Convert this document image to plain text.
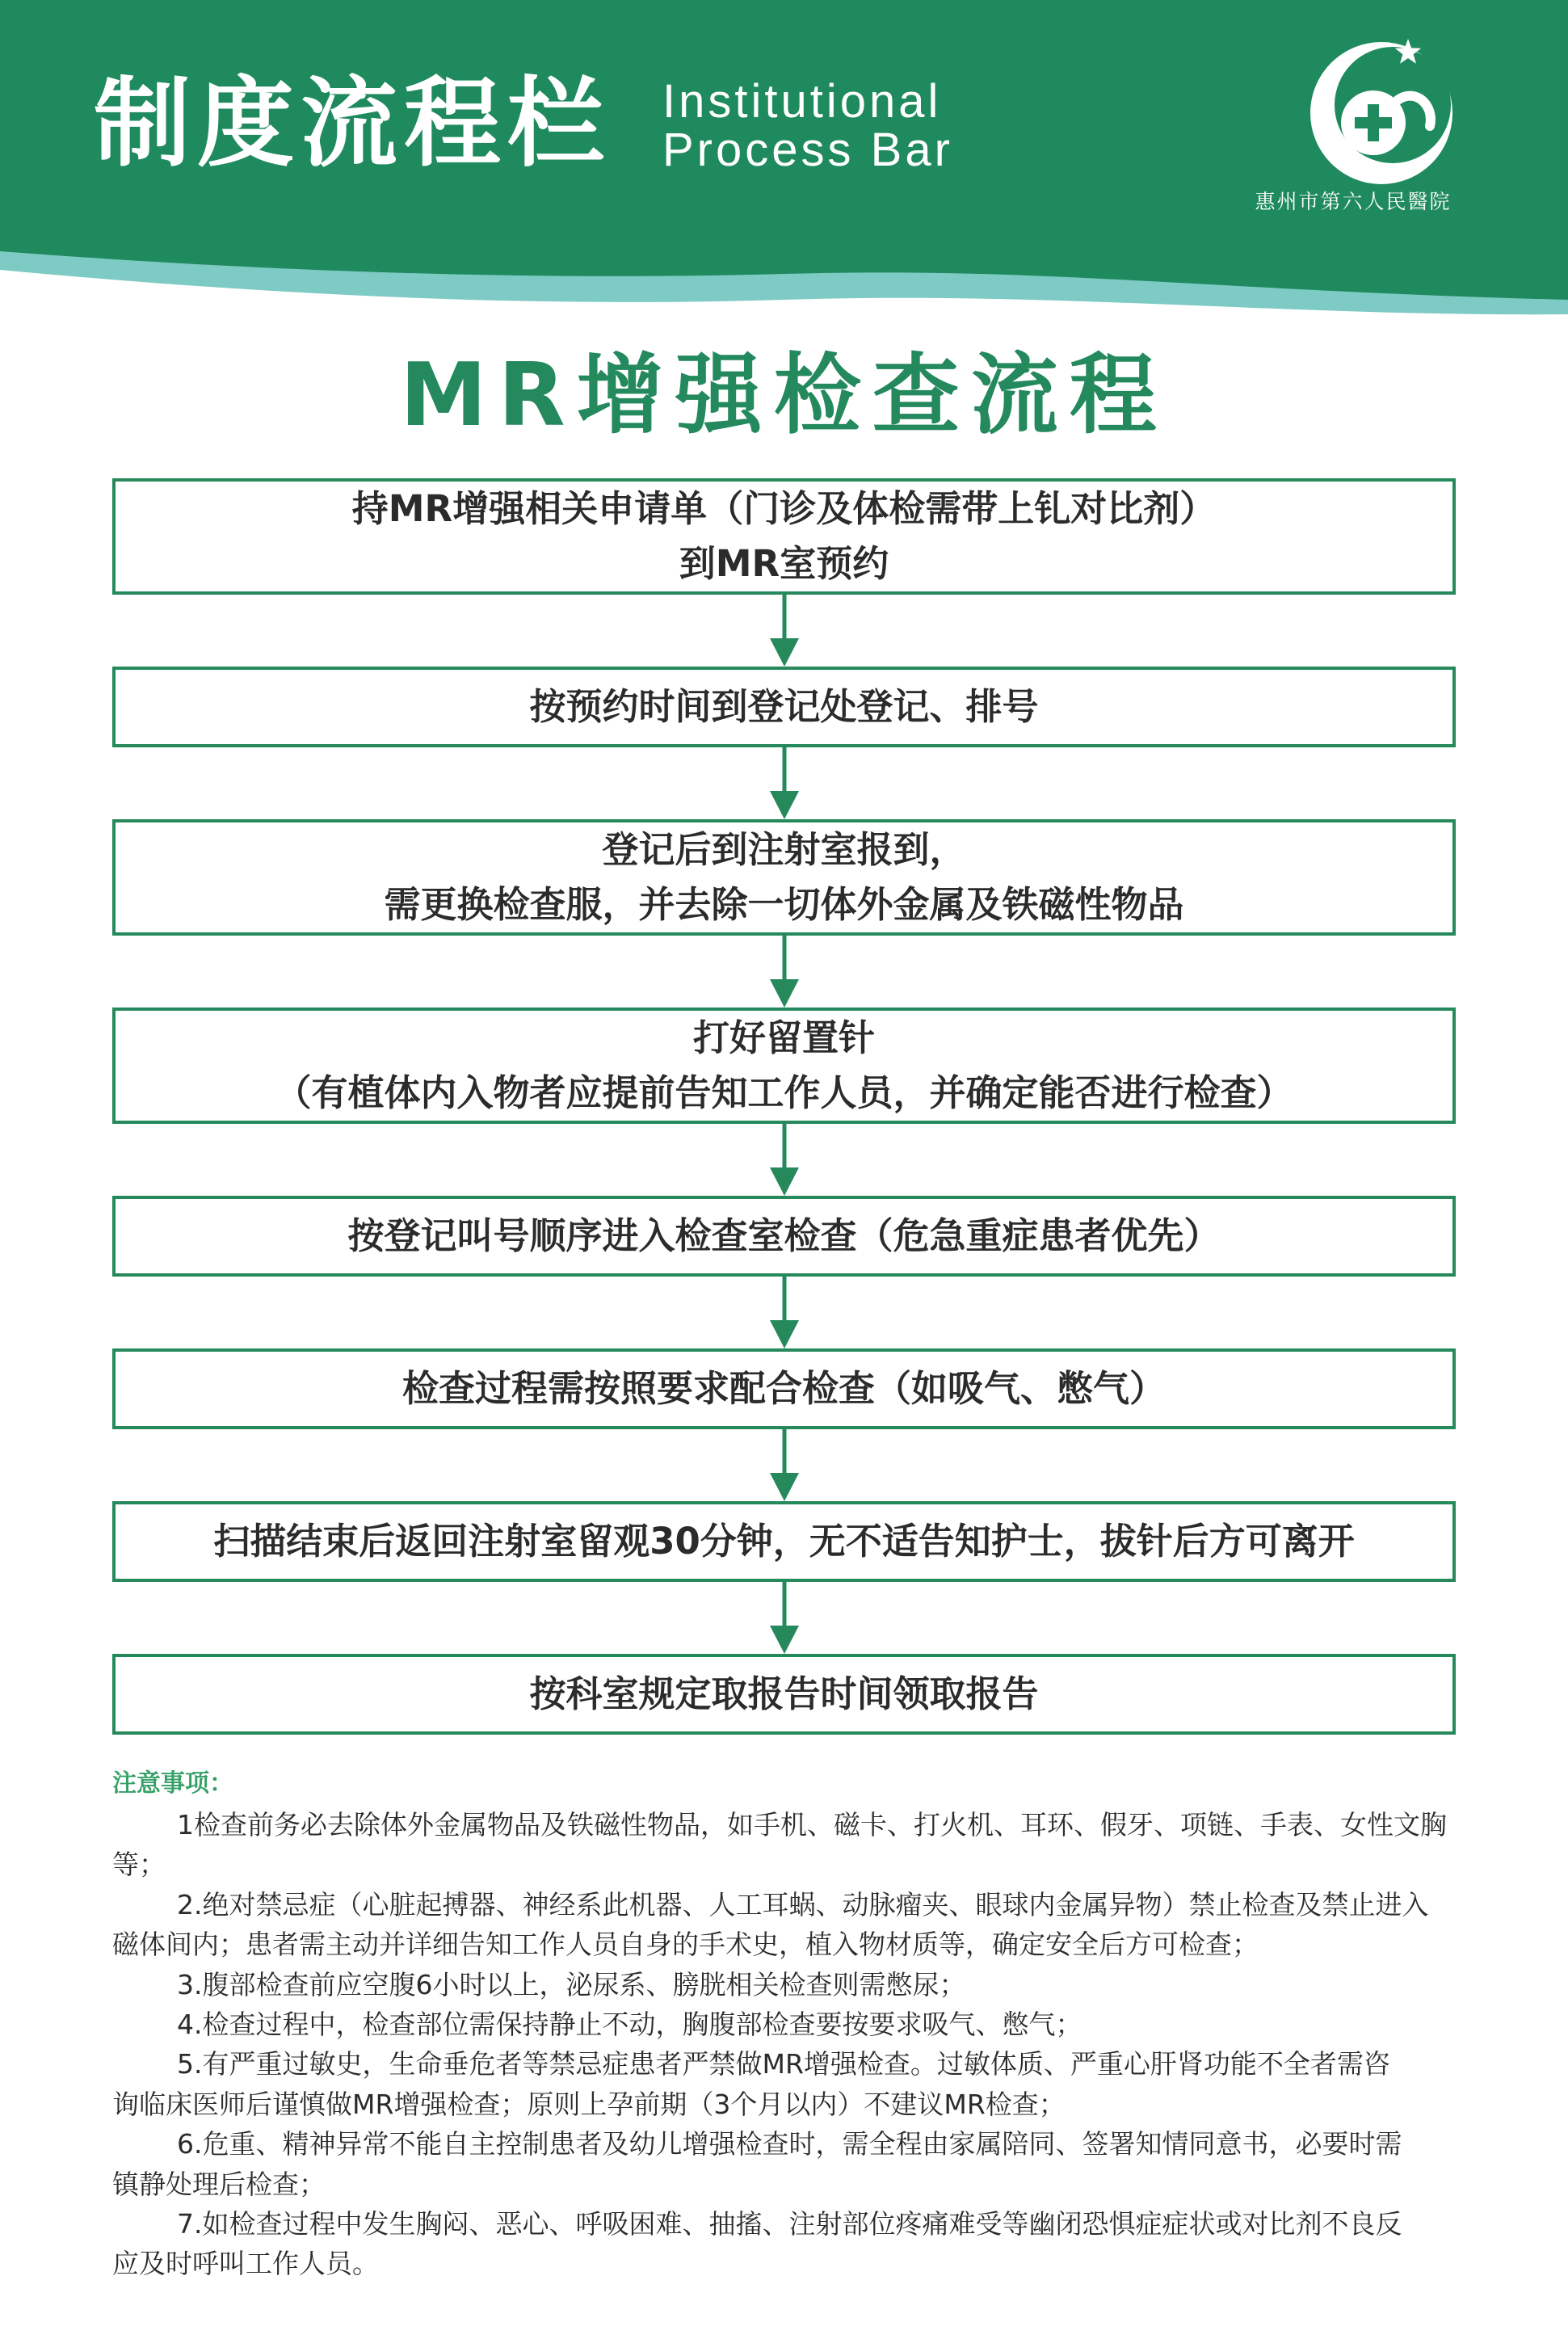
制度流程栏 Institutional
Process Bar
惠州市第六人民醫院
MR增强检查流程
持MR增强相关申请单（门诊及体检需带上钆对比剂）
到MR室预约
按预约时间到登记处登记、排号
登记后到注射室报到，
需更换检查服，并去除一切体外金属及铁磁性物品
打好留置针
（有植体内入物者应提前告知工作人员，并确定能否进行检查）
按登记叫号顺序进入检查室检查（危急重症患者优先）
检查过程需按照要求配合检查（如吸气、憋气）
扫描结束后返回注射室留观30分钟，无不适告知护士，拔针后方可离开
按科室规定取报告时间领取报告
注意事项：
1检查前务必去除体外金属物品及铁磁性物品，如手机、磁卡、打火机、耳环、假牙、项链、手表、女性文胸
等；
2.绝对禁忌症（心脏起搏器、神经系此机器、人工耳蜗、动脉瘤夹、眼球内金属异物）禁止检查及禁止进入
磁体间内；患者需主动并详细告知工作人员自身的手术史，植入物材质等，确定安全后方可检查；
3.腹部检查前应空腹6小时以上，泌尿系、膀胱相关检查则需憋尿；
4.检查过程中，检查部位需保持静止不动，胸腹部检查要按要求吸气、憋气；
5.有严重过敏史，生命垂危者等禁忌症患者严禁做MR增强检查。过敏体质、严重心肝肾功能不全者需咨
询临床医师后谨慎做MR增强检查；原则上孕前期（3个月以内）不建议MR检查；
6.危重、精神异常不能自主控制患者及幼儿增强检查时，需全程由家属陪同、签署知情同意书，必要时需
镇静处理后检查；
7.如检查过程中发生胸闷、恶心、呼吸困难、抽搐、注射部位疼痛难受等幽闭恐惧症症状或对比剂不良反
应及时呼叫工作人员。
